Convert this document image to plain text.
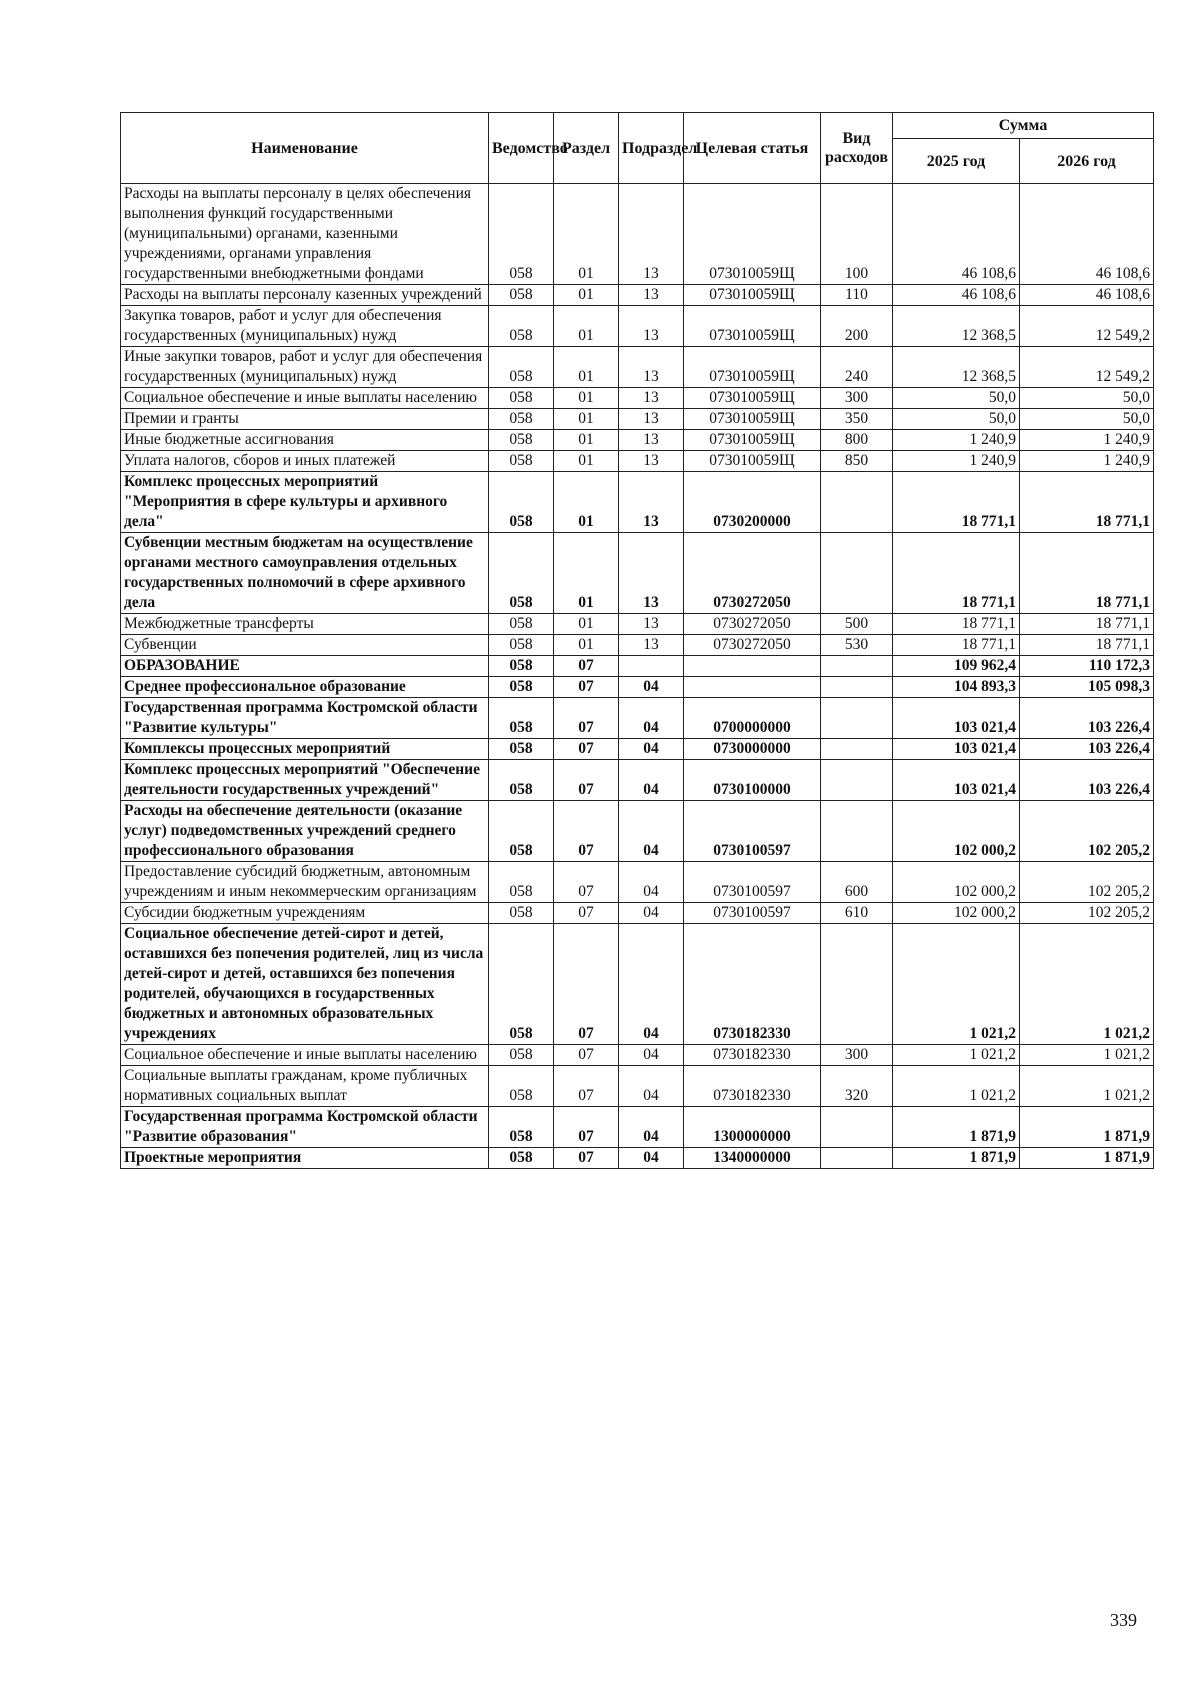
Наименование	Ведомство	Раздел	Подраздел	Целевая статья	Вид расходов	Сумма	
						2025 год	2026 год
Расходы на выплаты персоналу в целях обеспечения выполнения функций государственными (муниципальными) органами, казенными учреждениями, органами управления государственными внебюджетными фондами	058	01	13	073010059Щ	100	46 108,6	46 108,6
Расходы на выплаты персоналу казенных учреждений	058	01	13	073010059Щ	110	46 108,6	46 108,6
Закупка товаров, работ и услуг для обеспечения государственных (муниципальных) нужд	058	01	13	073010059Щ	200	12 368,5	12 549,2
Иные закупки товаров, работ и услуг для обеспечения государственных (муниципальных) нужд	058	01	13	073010059Щ	240	12 368,5	12 549,2
Социальное обеспечение и иные выплаты населению	058	01	13	073010059Щ	300	50,0	50,0
Премии и гранты	058	01	13	073010059Щ	350	50,0	50,0
Иные бюджетные ассигнования	058	01	13	073010059Щ	800	1 240,9	1 240,9
Уплата налогов, сборов и иных платежей	058	01	13	073010059Щ	850	1 240,9	1 240,9
Комплекс процессных мероприятий "Мероприятия в сфере культуры и архивного дела"	058	01	13	0730200000		18 771,1	18 771,1
Субвенции местным бюджетам на осуществление органами местного самоуправления отдельных государственных полномочий в сфере архивного дела	058	01	13	0730272050		18 771,1	18 771,1
Межбюджетные трансферты	058	01	13	0730272050	500	18 771,1	18 771,1
Субвенции	058	01	13	0730272050	530	18 771,1	18 771,1
ОБРАЗОВАНИЕ	058	07				109 962,4	110 172,3
Среднее профессиональное образование	058	07	04			104 893,3	105 098,3
Государственная программа Костромской области "Развитие культуры"	058	07	04	0700000000		103 021,4	103 226,4
Комплексы процессных мероприятий	058	07	04	0730000000		103 021,4	103 226,4
Комплекс процессных мероприятий "Обеспечение деятельности государственных учреждений"	058	07	04	0730100000		103 021,4	103 226,4
Расходы на обеспечение деятельности (оказание услуг) подведомственных учреждений среднего профессионального образования	058	07	04	0730100597		102 000,2	102 205,2
Предоставление субсидий бюджетным, автономным учреждениям и иным некоммерческим организациям	058	07	04	0730100597	600	102 000,2	102 205,2
Субсидии бюджетным учреждениям	058	07	04	0730100597	610	102 000,2	102 205,2
Социальное обеспечение детей-сирот и детей, оставшихся без попечения родителей, лиц из числа детей-сирот и детей, оставшихся без попечения родителей, обучающихся в государственных бюджетных и автономных образовательных учреждениях	058	07	04	0730182330		1 021,2	1 021,2
Социальное обеспечение и иные выплаты населению	058	07	04	0730182330	300	1 021,2	1 021,2
Социальные выплаты гражданам, кроме публичных нормативных социальных выплат	058	07	04	0730182330	320	1 021,2	1 021,2
Государственная программа Костромской области "Развитие образования"	058	07	04	1300000000		1 871,9	1 871,9
Проектные мероприятия	058	07	04	1340000000		1 871,9	1 871,9
339
